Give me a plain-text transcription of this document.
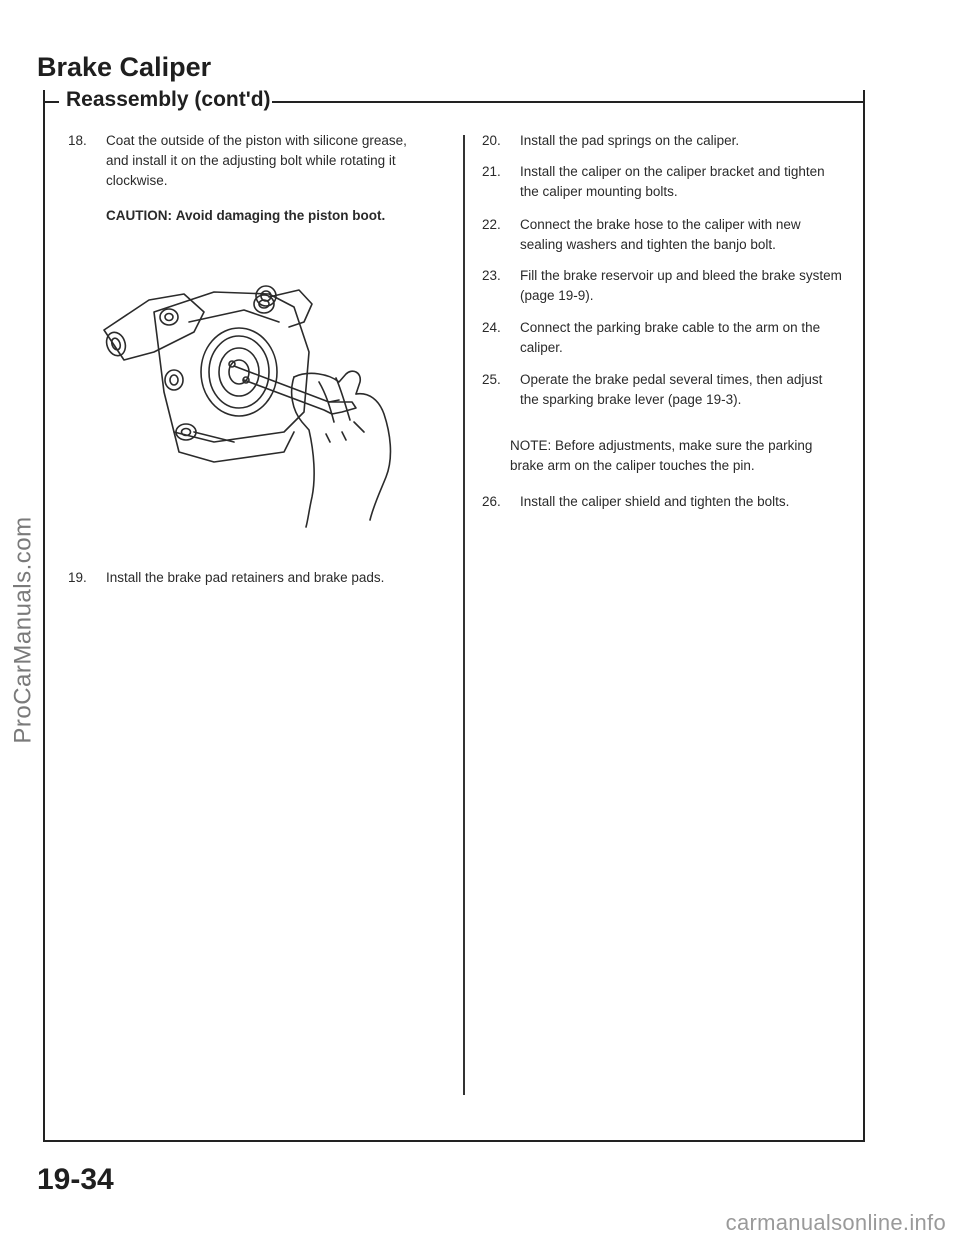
ProCarManuals.com
Brake Caliper
Reassembly (cont'd)
18. Coat the outside of the piston with silicone grease, and install it on the adjusting bolt while rotating it clockwise.
CAUTION: Avoid damaging the piston boot.
19. Install the brake pad retainers and brake pads.
20. Install the pad springs on the caliper.
21. Install the caliper on the caliper bracket and tighten the caliper mounting bolts.
22. Connect the brake hose to the caliper with new sealing washers and tighten the banjo bolt.
23. Fill the brake reservoir up and bleed the brake system (page 19-9).
24. Connect the parking brake cable to the arm on the caliper.
25. Operate the brake pedal several times, then adjust the sparking brake lever (page 19-3).
NOTE: Before adjustments, make sure the parking brake arm on the caliper touches the pin.
26. Install the caliper shield and tighten the bolts.
19-34
carmanualsonline.info
